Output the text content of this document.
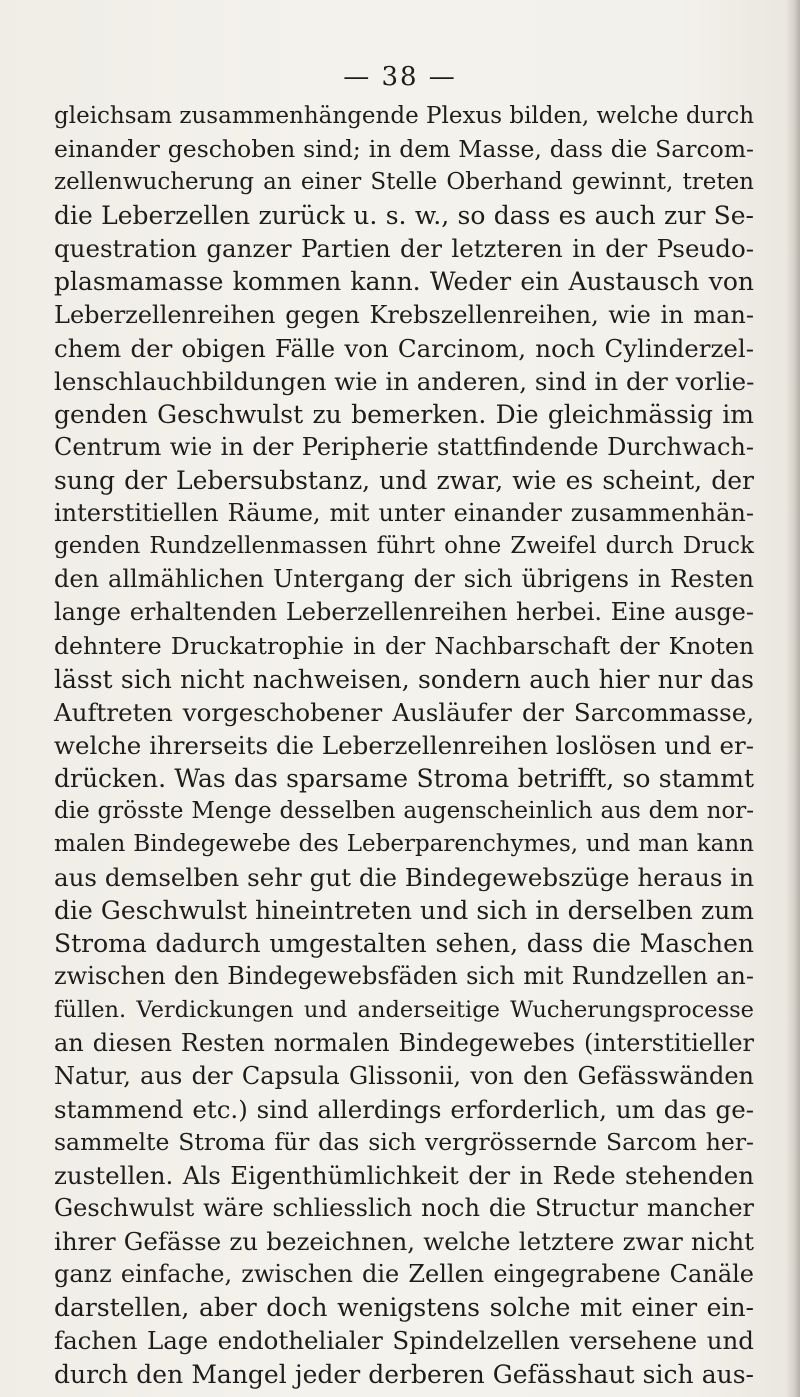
— 38 —
gleichsam zusammenhängende Plexus bilden, welche durch
einander geschoben sind; in dem Masse, dass die Sarcom-
zellenwucherung an einer Stelle Oberhand gewinnt, treten
die Leberzellen zurück u. s. w., so dass es auch zur Se-
questration ganzer Partien der letzteren in der Pseudo-
plasmamasse kommen kann. Weder ein Austausch von
Leberzellenreihen gegen Krebszellenreihen, wie in man-
chem der obigen Fälle von Carcinom, noch Cylinderzel-
lenschlauchbildungen wie in anderen, sind in der vorlie-
genden Geschwulst zu bemerken. Die gleichmässig im
Centrum wie in der Peripherie stattfindende Durchwach-
sung der Lebersubstanz, und zwar, wie es scheint, der
interstitiellen Räume, mit unter einander zusammenhän-
genden Rundzellenmassen führt ohne Zweifel durch Druck
den allmählichen Untergang der sich übrigens in Resten
lange erhaltenden Leberzellenreihen herbei. Eine ausge-
dehntere Druckatrophie in der Nachbarschaft der Knoten
lässt sich nicht nachweisen, sondern auch hier nur das
Auftreten vorgeschobener Ausläufer der Sarcommasse,
welche ihrerseits die Leberzellenreihen loslösen und er-
drücken. Was das sparsame Stroma betrifft, so stammt
die grösste Menge desselben augenscheinlich aus dem nor-
malen Bindegewebe des Leberparenchymes, und man kann
aus demselben sehr gut die Bindegewebszüge heraus in
die Geschwulst hineintreten und sich in derselben zum
Stroma dadurch umgestalten sehen, dass die Maschen
zwischen den Bindegewebsfäden sich mit Rundzellen an-
füllen. Verdickungen und anderseitige Wucherungsprocesse
an diesen Resten normalen Bindegewebes (interstitieller
Natur, aus der Capsula Glissonii, von den Gefässwänden
stammend etc.) sind allerdings erforderlich, um das ge-
sammelte Stroma für das sich vergrössernde Sarcom her-
zustellen. Als Eigenthümlichkeit der in Rede stehenden
Geschwulst wäre schliesslich noch die Structur mancher
ihrer Gefässe zu bezeichnen, welche letztere zwar nicht
ganz einfache, zwischen die Zellen eingegrabene Canäle
darstellen, aber doch wenigstens solche mit einer ein-
fachen Lage endothelialer Spindelzellen versehene und
durch den Mangel jeder derberen Gefässhaut sich aus-
